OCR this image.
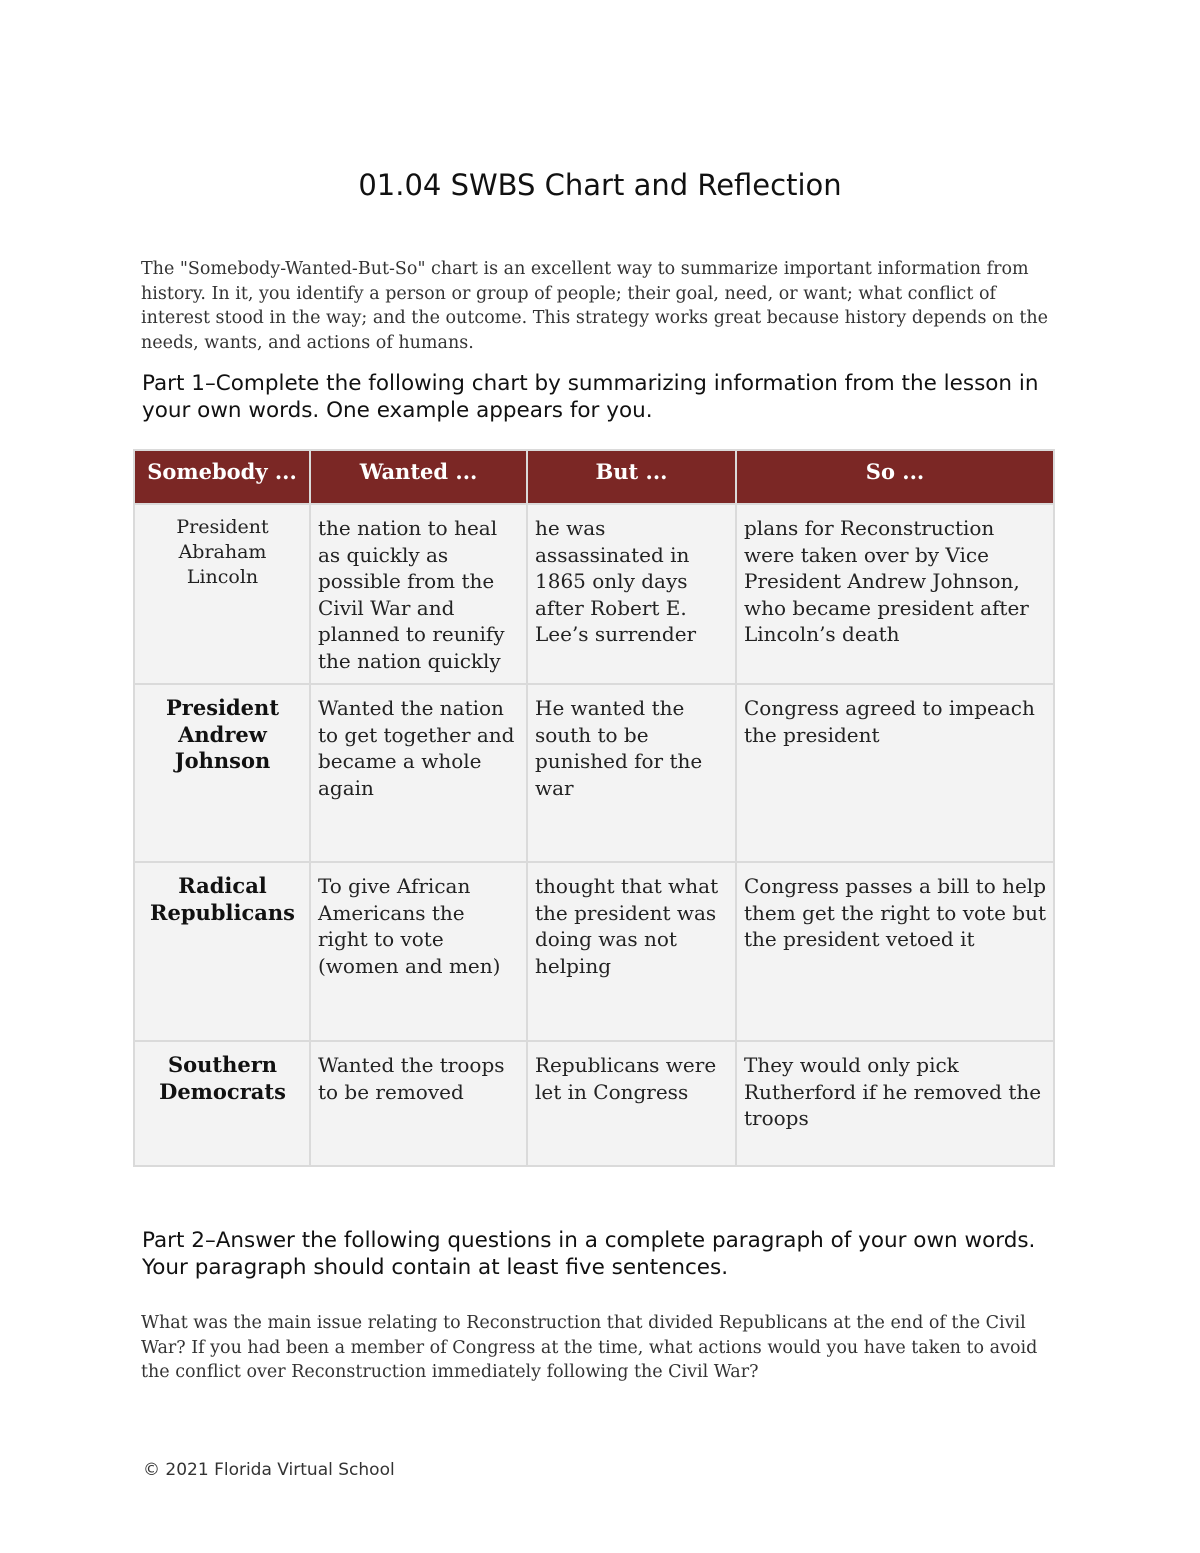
01.04 SWBS Chart and Reflection

The "Somebody-Wanted-But-So" chart is an excellent way to summarize important information from history. In it, you identify a person or group of people; their goal, need, or want; what conflict of interest stood in the way; and the outcome. This strategy works great because history depends on the needs, wants, and actions of humans.

Part 1–Complete the following chart by summarizing information from the lesson in your own words. One example appears for you.

Somebody ...	Wanted ...	But ...	So ...
President Abraham Lincoln	the nation to heal as quickly as possible from the Civil War and planned to reunify the nation quickly	he was assassinated in 1865 only days after Robert E. Lee’s surrender	plans for Reconstruction were taken over by Vice President Andrew Johnson, who became president after Lincoln’s death
President Andrew Johnson	Wanted the nation to get together and became a whole again	He wanted the south to be punished for the war	Congress agreed to impeach the president
Radical Republicans	To give African Americans the right to vote (women and men)	thought that what the president was doing was not helping	Congress passes a bill to help them get the right to vote but the president vetoed it
Southern Democrats	Wanted the troops to be removed	Republicans were let in Congress	They would only pick Rutherford if he removed the troops

Part 2–Answer the following questions in a complete paragraph of your own words. Your paragraph should contain at least five sentences.

What was the main issue relating to Reconstruction that divided Republicans at the end of the Civil War? If you had been a member of Congress at the time, what actions would you have taken to avoid the conflict over Reconstruction immediately following the Civil War?

© 2021 Florida Virtual School
